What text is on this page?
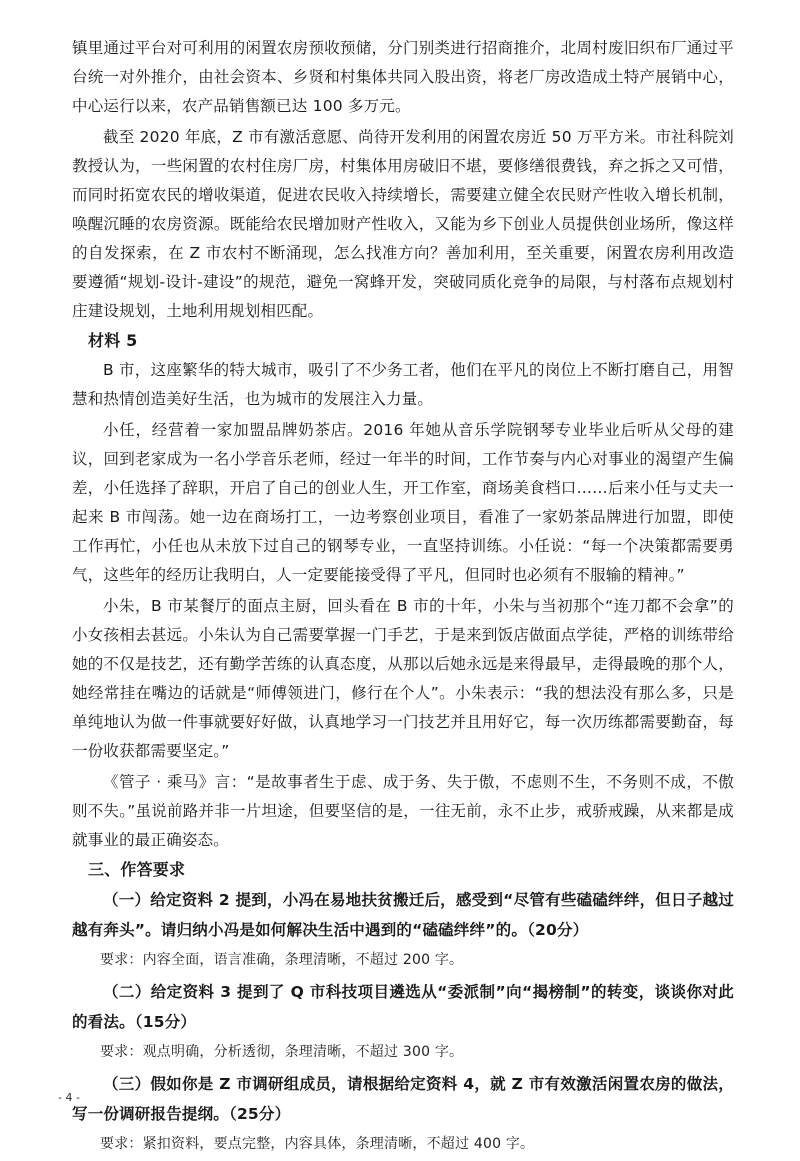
镇里通过平台对可利用的闲置农房预收预储，分门别类进行招商推介，北周村废旧织布厂通过平台统一对外推介，由社会资本、乡贤和村集体共同入股出资，将老厂房改造成土特产展销中心，中心运行以来，农产品销售额已达 100 多万元。

截至 2020 年底，Z 市有激活意愿、尚待开发利用的闲置农房近 50 万平方米。市社科院刘教授认为，一些闲置的农村住房厂房，村集体用房破旧不堪，要修缮很费钱，弃之拆之又可惜，而同时拓宽农民的增收渠道，促进农民收入持续增长，需要建立健全农民财产性收入增长机制，唤醒沉睡的农房资源。既能给农民增加财产性收入，又能为乡下创业人员提供创业场所，像这样的自发探索，在 Z 市农村不断涌现，怎么找准方向？善加利用，至关重要，闲置农房利用改造要遵循“规划-设计-建设”的规范，避免一窝蜂开发，突破同质化竞争的局限，与村落布点规划村庄建设规划，土地利用规划相匹配。

材料 5

B 市，这座繁华的特大城市，吸引了不少务工者，他们在平凡的岗位上不断打磨自己，用智慧和热情创造美好生活，也为城市的发展注入力量。

小任，经营着一家加盟品牌奶茶店。2016 年她从音乐学院钢琴专业毕业后听从父母的建议，回到老家成为一名小学音乐老师，经过一年半的时间，工作节奏与内心对事业的渴望产生偏差，小任选择了辞职，开启了自己的创业人生，开工作室，商场美食档口……后来小任与丈夫一起来 B 市闯荡。她一边在商场打工，一边考察创业项目，看准了一家奶茶品牌进行加盟，即使工作再忙，小任也从未放下过自己的钢琴专业，一直坚持训练。小任说：“每一个决策都需要勇气，这些年的经历让我明白，人一定要能接受得了平凡，但同时也必须有不服输的精神。”

小朱，B 市某餐厅的面点主厨，回头看在 B 市的十年，小朱与当初那个“连刀都不会拿”的小女孩相去甚远。小朱认为自己需要掌握一门手艺，于是来到饭店做面点学徒，严格的训练带给她的不仅是技艺，还有勤学苦练的认真态度，从那以后她永远是来得最早，走得最晚的那个人，她经常挂在嘴边的话就是“师傅领进门，修行在个人”。小朱表示：“我的想法没有那么多，只是单纯地认为做一件事就要好好做，认真地学习一门技艺并且用好它，每一次历练都需要勤奋，每一份收获都需要坚定。”

《管子 · 乘马》言：“是故事者生于虑、成于务、失于傲，不虑则不生，不务则不成，不傲则不失。”虽说前路并非一片坦途，但要坚信的是，一往无前，永不止步，戒骄戒躁，从来都是成就事业的最正确姿态。

三、作答要求

（一）给定资料 2 提到，小冯在易地扶贫搬迁后，感受到“尽管有些磕磕绊绊，但日子越过越有奔头”。请归纳小冯是如何解决生活中遇到的“磕磕绊绊”的。（20分）

要求：内容全面，语言准确，条理清晰，不超过 200 字。

（二）给定资料 3 提到了 Q 市科技项目遴选从“委派制”向“揭榜制”的转变，谈谈你对此的看法。（15分）

要求：观点明确，分析透彻，条理清晰，不超过 300 字。

（三）假如你是 Z 市调研组成员，请根据给定资料 4，就 Z 市有效激活闲置农房的做法，写一份调研报告提纲。（25分）

要求：紧扣资料，要点完整，内容具体，条理清晰，不超过 400 字。

- 4 -
